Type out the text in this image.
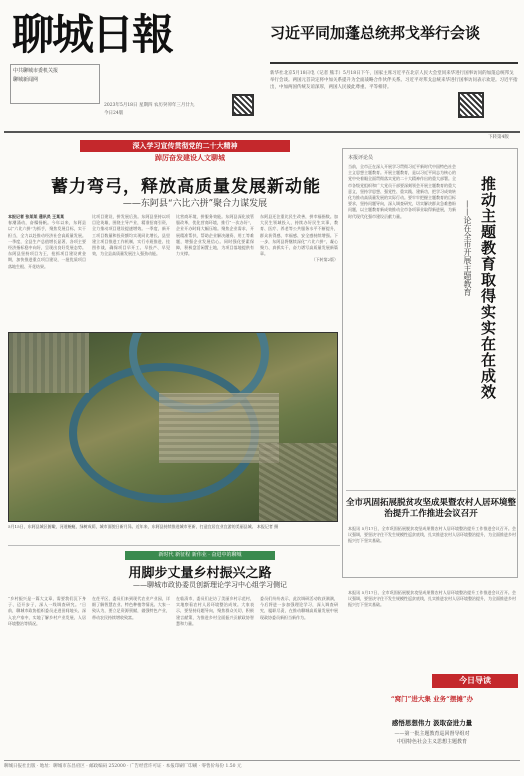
聊城日報
中共聊城市委机关报
聊城新闻网
2023年5月18日 星期四 农历癸卯年三月廿九
今日24版
习近平同加蓬总统邦戈举行会谈
新华社北京5月18日电（记者 熊丰）5月18日下午，国家主席习近平在北京人民大会堂同来华进行国事访问的加蓬总统邦戈举行会谈。两国元首决定将中加关系提升为全面战略合作伙伴关系。习近平对邦戈总统来华进行国事访问表示欢迎。习近平指出，中加两国传统友谊深厚，两国人民彼此尊重、平等相待。
下转第4版
深入学习宣传贯彻党的二十大精神
踔厉奋发建设人文聊城
蓄力弯弓，释放高质量发展新动能
——东阿县“六比六拼”聚合力谋发展
本报记者 张某某 通讯员 王某某
春潮涌动，奋楫扬帆。今年以来，东阿县以“六比六拼”为抓手，聚焦发展目标，实干担当，全力以赴推动经济社会高质量发展。一季度，全县生产总值增长显著，各项主要经济指标稳中向好，呈现出良好发展态势。东阿县坚持项目为王，抢抓项目建设黄金期，加快推进重点项目建设，一批优质项目落地生根、开花结果。
比项目建设，拼发展后劲。东阿县坚持以项目论英雄，围绕主导产业，精准招商引资，全力推动项目建设提速增效。一季度，新开工项目数量和投资额均实现同比增长。县里建立项目推进工作机制，实行专班推进、挂图作战，确保项目早开工、早投产、早见效，为全县高质量发展注入强劲动能。
比营商环境，拼服务效能。东阿县深化放管服改革，优化营商环境，推行“一次办好”，企业开办时间大幅压缩。聚焦企业需求，开展精准帮扶，帮助企业解决融资、用工等难题，增强企业发展信心。同时强化要素保障，积极盘活闲置土地，为项目落地提供有力支撑。
东阿县还注重比民生改善，拼幸福指数。加大民生领域投入，持续办好民生实事，教育、医疗、养老等公共服务水平不断提升，群众获得感、幸福感、安全感持续增强。下一步，东阿县将继续深化“六比六拼”，凝心聚力、真抓实干，奋力谱写高质量发展新篇章。
（下转第2版）
5月15日，东阿县城区俯瞰，河道蜿蜒，绿树成荫，城市面貌日新月异。近年来，东阿县持续推进城市更新，打造宜居宜业宜游的美丽县城。 本报记者 摄
本报评论员
推动主题教育取得实实在在成效
——论在全市开展主题教育
当前，全市正在深入开展学习贯彻习近平新时代中国特色社会主义思想主题教育。开展主题教育，是以习近平同志为核心的党中央着眼全面贯彻落实党的二十大精神作出的重大部署。全市各级党组织和广大党员干部要深刻领会开展主题教育的重大意义，坚持学思想、强党性、重实践、建新功，把学习成效转化为推动高质量发展的实际行动。要牢牢把握主题教育的目标要求，坚持问题导向，深入调查研究，切实解决群众急难愁盼问题，以主题教育新成效推动全市各项事业取得新进展，为新时代现代化强市建设贡献力量。
全市巩固拓展脱贫攻坚成果暨农村人居环境整治提升工作推进会议召开
本报讯 5月17日，全市巩固拓展脱贫攻坚成果暨农村人居环境整治提升工作推进会议召开。会议强调，要坚决守住不发生规模性返贫底线，扎实推进农村人居环境整治提升，为全面推进乡村振兴打下坚实基础。
新时代 新征程 新伟业 · 奋进中的聊城
用脚步丈量乡村振兴之路
——聊城市政协委员创新理论学习中心组学习侧记
“乡村振兴是一篇大文章，需要我们沉下身子、迈开步子，深入一线调查研究。”日前，聊城市政协组织委员走进田间地头、深入农户家中，实地了解乡村产业发展、人居环境整治等情况。
在茌平区，委员们来到现代农业产业园，详细了解智慧农业、特色种植等情况。大家一致认为，要立足资源禀赋，做强特色产业，带动农民持续增收致富。
在临清市，委员们走访了美丽乡村示范村，实地察看农村人居环境整治成效。大家表示，要坚持问题导向，聚焦群众关切，积极建言献策，为推进乡村全面振兴贡献政协智慧和力量。
委员们纷纷表示，此次调研活动收获满满，今后将进一步加强理论学习，深入调查研究，履职尽责，在推动聊城高质量发展中展现政协委员新担当新作为。
本报讯 5月17日，全市巩固拓展脱贫攻坚成果暨农村人居环境整治提升工作推进会议召开。会议强调，要坚决守住不发生规模性返贫底线，扎实推进农村人居环境整治提升，为全面推进乡村振兴打下坚实基础。
今日导读
“窝门”进大集 业务“摆摊”办
感悟思想伟力 汲取奋进力量
——第一批主题教育巡回督导组对
中国特色社会主义思想主题教育
聊城日报社出版 · 地址：聊城市东昌府区 · 邮政编码 252000 · 广告经营许可证 · 本报印刷厂印刷 · 零售价每份 1.50 元
